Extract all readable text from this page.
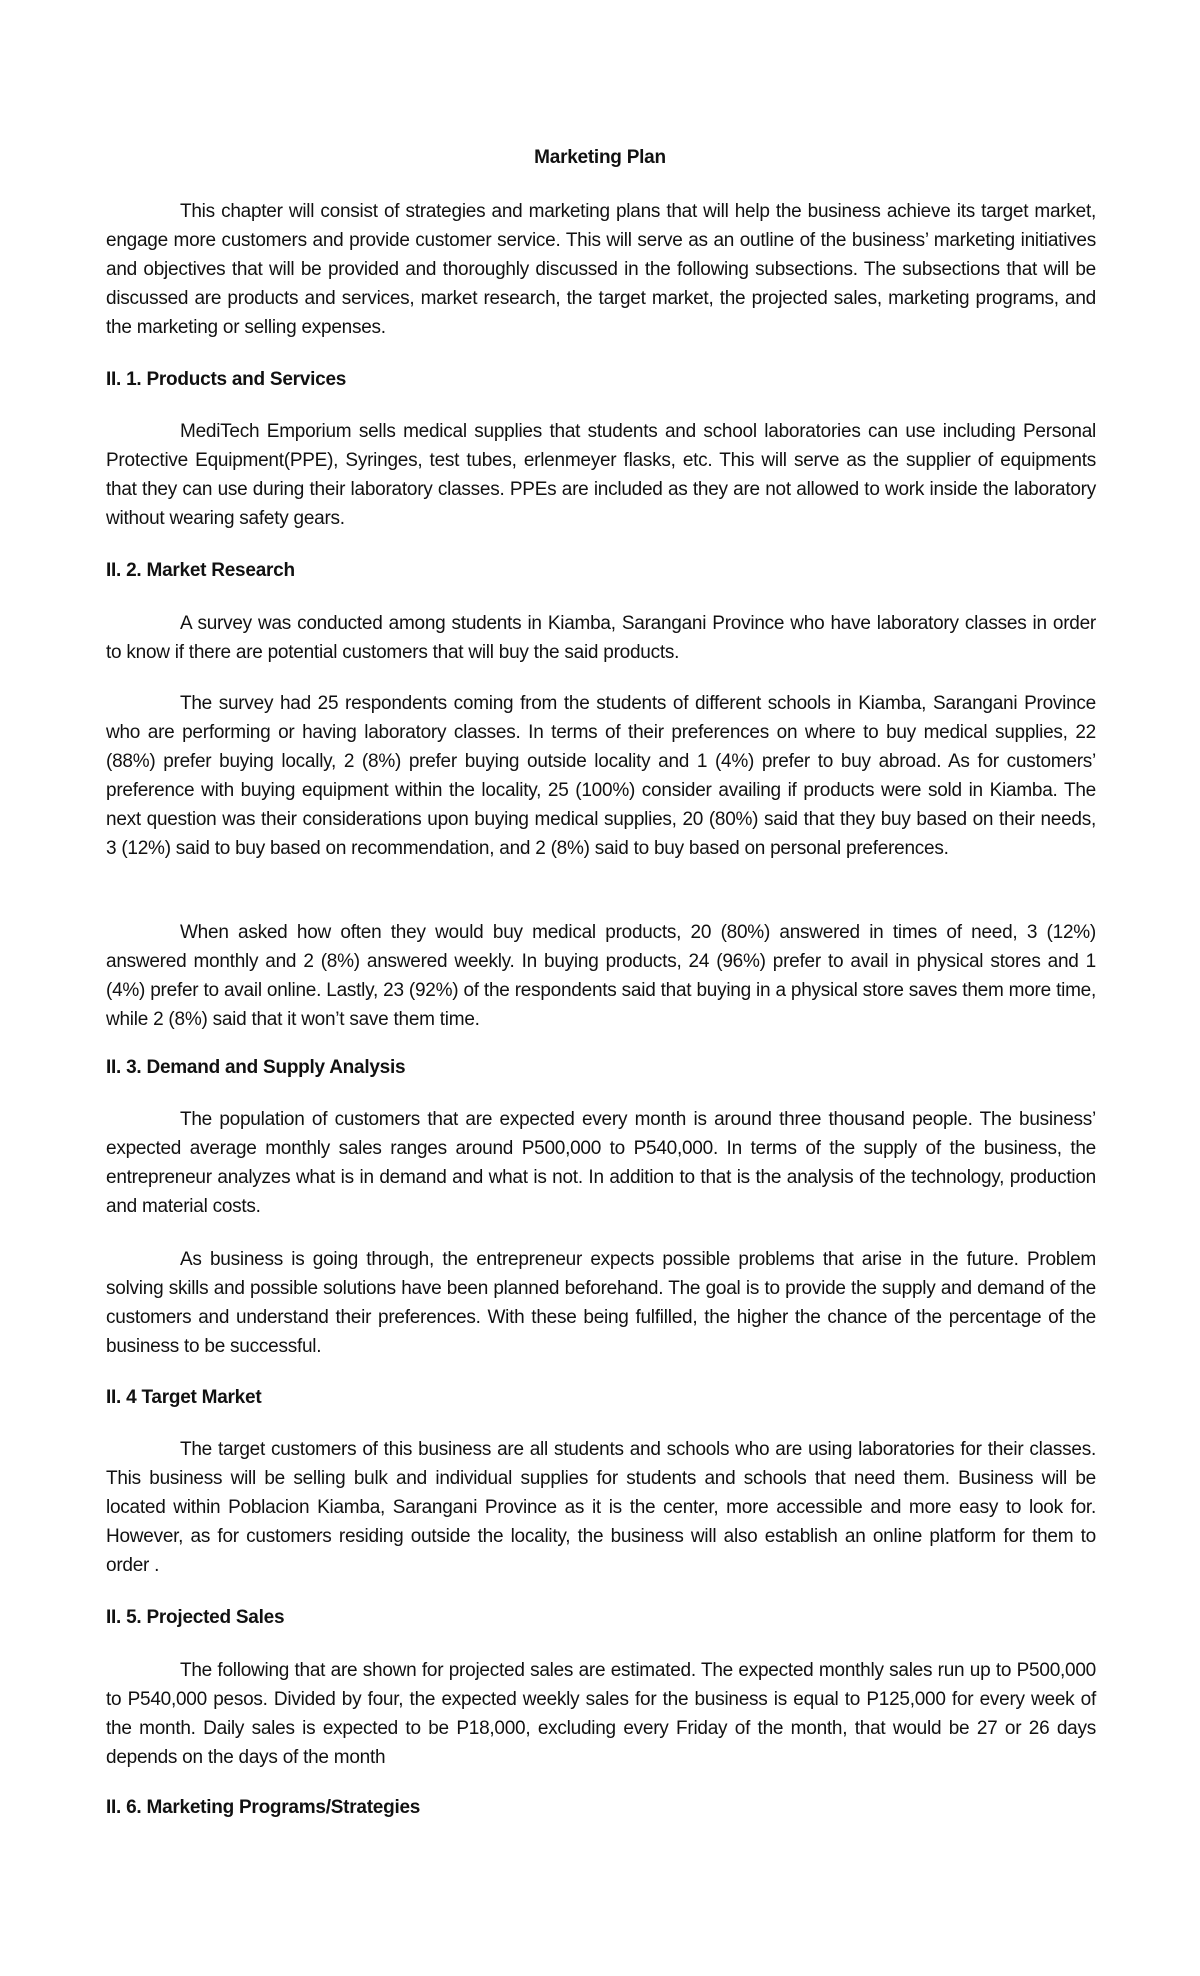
Marketing Plan

This chapter will consist of strategies and marketing plans that will help the business achieve its target market, engage more customers and provide customer service. This will serve as an outline of the business’ marketing initiatives and objectives that will be provided and thoroughly discussed in the following subsections. The subsections that will be discussed are products and services, market research, the target market, the projected sales, marketing programs, and the marketing or selling expenses.

II. 1. Products and Services

MediTech Emporium sells medical supplies that students and school laboratories can use including Personal Protective Equipment(PPE), Syringes, test tubes, erlenmeyer flasks, etc. This will serve as the supplier of equipments that they can use during their laboratory classes. PPEs are included as they are not allowed to work inside the laboratory without wearing safety gears.

II. 2. Market Research

A survey was conducted among students in Kiamba, Sarangani Province who have laboratory classes in order to know if there are potential customers that will buy the said products.

The survey had 25 respondents coming from the students of different schools in Kiamba, Sarangani Province who are performing or having laboratory classes. In terms of their preferences on where to buy medical supplies, 22 (88%) prefer buying locally, 2 (8%) prefer buying outside locality and 1 (4%) prefer to buy abroad. As for customers’ preference with buying equipment within the locality, 25 (100%) consider availing if products were sold in Kiamba. The next question was their considerations upon buying medical supplies, 20 (80%) said that they buy based on their needs, 3 (12%) said to buy based on recommendation, and 2 (8%) said to buy based on personal preferences.

When asked how often they would buy medical products, 20 (80%) answered in times of need, 3 (12%) answered monthly and 2 (8%) answered weekly. In buying products, 24 (96%) prefer to avail in physical stores and 1 (4%) prefer to avail online. Lastly, 23 (92%) of the respondents said that buying in a physical store saves them more time, while 2 (8%) said that it won’t save them time.

II. 3. Demand and Supply Analysis

The population of customers that are expected every month is around three thousand people. The business’ expected average monthly sales ranges around P500,000 to P540,000. In terms of the supply of the business, the entrepreneur analyzes what is in demand and what is not. In addition to that is the analysis of the technology, production and material costs.

As business is going through, the entrepreneur expects possible problems that arise in the future. Problem solving skills and possible solutions have been planned beforehand. The goal is to provide the supply and demand of the customers and understand their preferences. With these being fulfilled, the higher the chance of the percentage of the business to be successful.

II. 4 Target Market

The target customers of this business are all students and schools who are using laboratories for their classes. This business will be selling bulk and individual supplies for students and schools that need them. Business will be located within Poblacion Kiamba, Sarangani Province as it is the center, more accessible and more easy to look for. However, as for customers residing outside the locality, the business will also establish an online platform for them to order .

II. 5. Projected Sales

The following that are shown for projected sales are estimated. The expected monthly sales run up to P500,000 to P540,000 pesos. Divided by four, the expected weekly sales for the business is equal to P125,000 for every week of the month. Daily sales is expected to be P18,000, excluding every Friday of the month, that would be 27 or 26 days depends on the days of the month

II. 6. Marketing Programs/Strategies
